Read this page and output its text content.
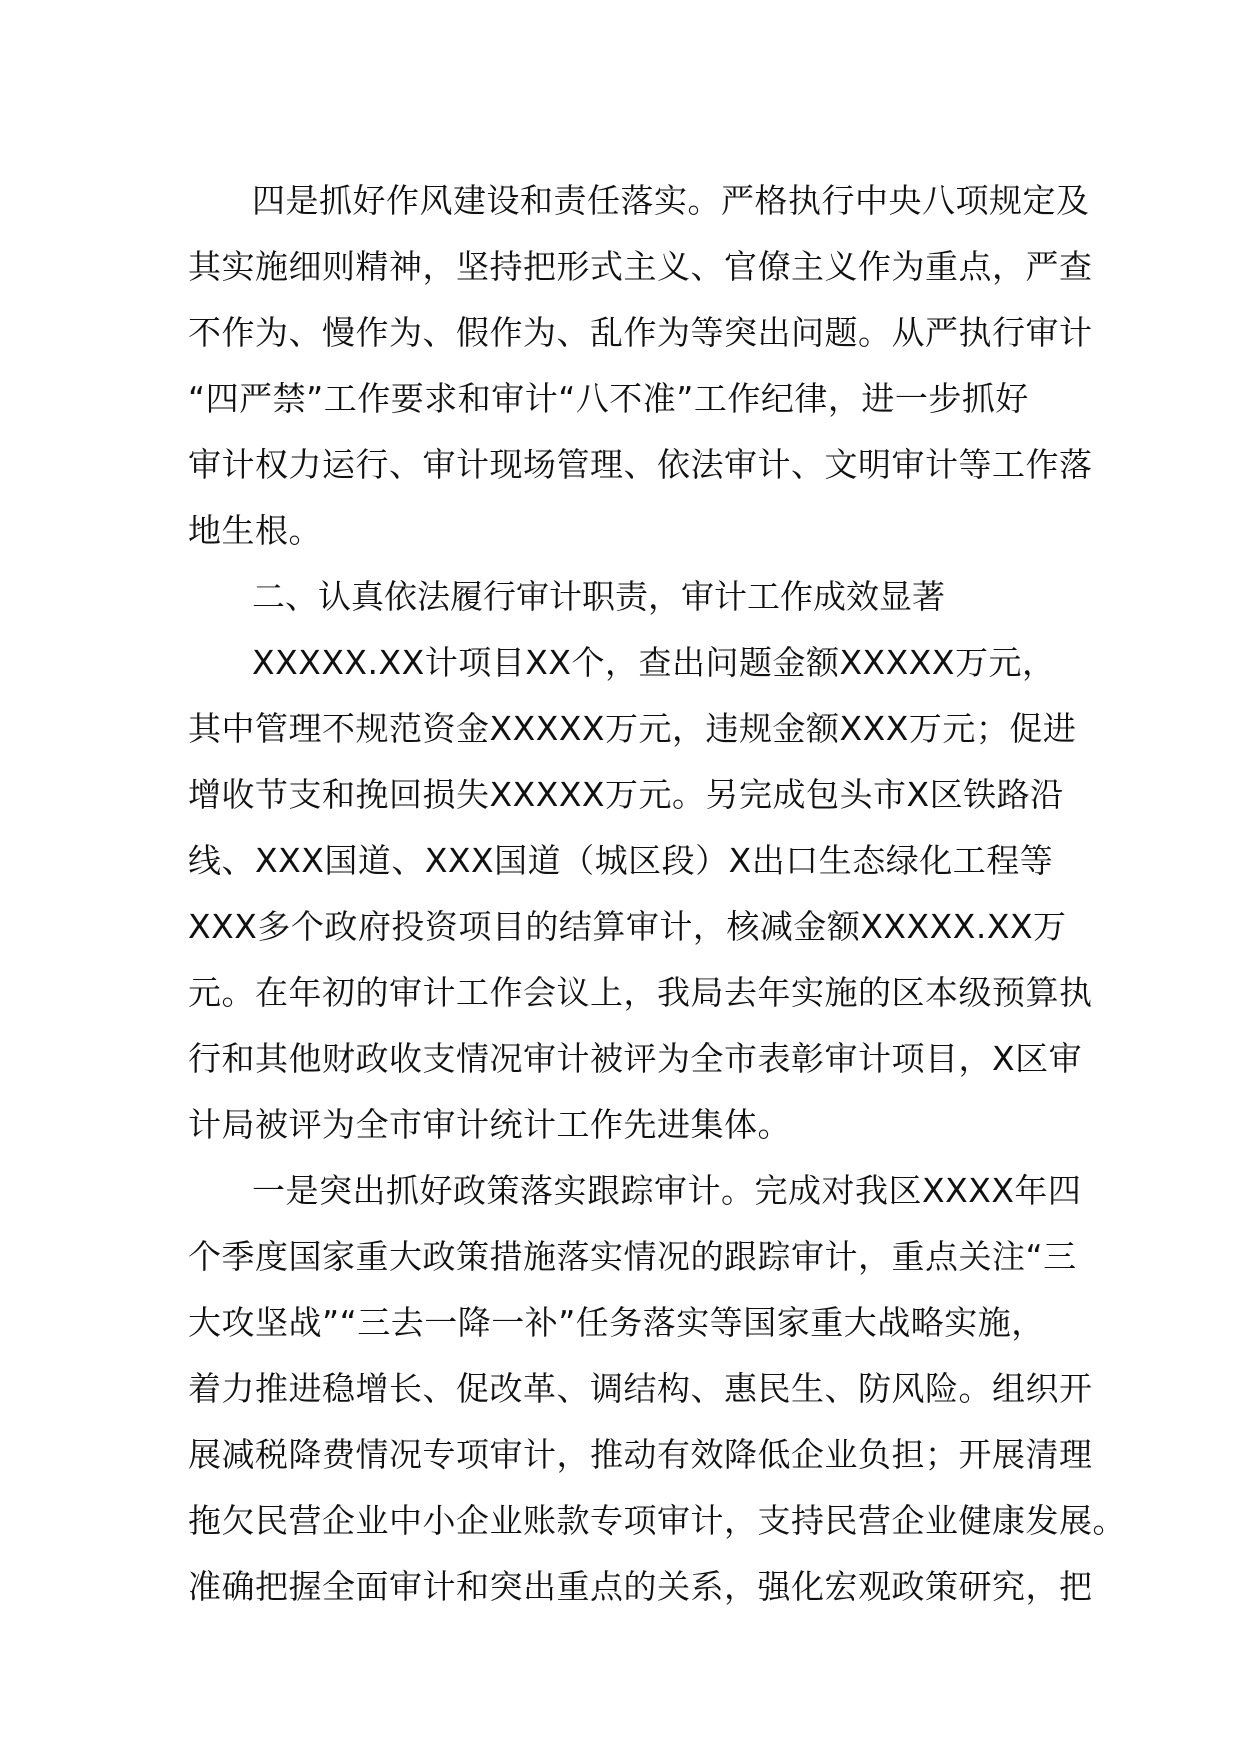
四是抓好作风建设和责任落实。严格执行中央八项规定及
其实施细则精神，坚持把形式主义、官僚主义作为重点，严查
不作为、慢作为、假作为、乱作为等突出问题。从严执行审计
“四严禁”工作要求和审计“八不准”工作纪律，进一步抓好
审计权力运行、审计现场管理、依法审计、文明审计等工作落
地生根。
二、认真依法履行审计职责，审计工作成效显著
XXXXX.XX计项目XX个，查出问题金额XXXXX万元，
其中管理不规范资金XXXXX万元，违规金额XXX万元；促进
增收节支和挽回损失XXXXX万元。另完成包头市X区铁路沿
线、XXX国道、XXX国道（城区段）X出口生态绿化工程等
XXX多个政府投资项目的结算审计，核减金额XXXXX.XX万
元。在年初的审计工作会议上，我局去年实施的区本级预算执
行和其他财政收支情况审计被评为全市表彰审计项目，X区审
计局被评为全市审计统计工作先进集体。
一是突出抓好政策落实跟踪审计。完成对我区XXXX年四
个季度国家重大政策措施落实情况的跟踪审计，重点关注“三
大攻坚战”“三去一降一补”任务落实等国家重大战略实施，
着力推进稳增长、促改革、调结构、惠民生、防风险。组织开
展减税降费情况专项审计，推动有效降低企业负担；开展清理
拖欠民营企业中小企业账款专项审计，支持民营企业健康发展。
准确把握全面审计和突出重点的关系，强化宏观政策研究，把
